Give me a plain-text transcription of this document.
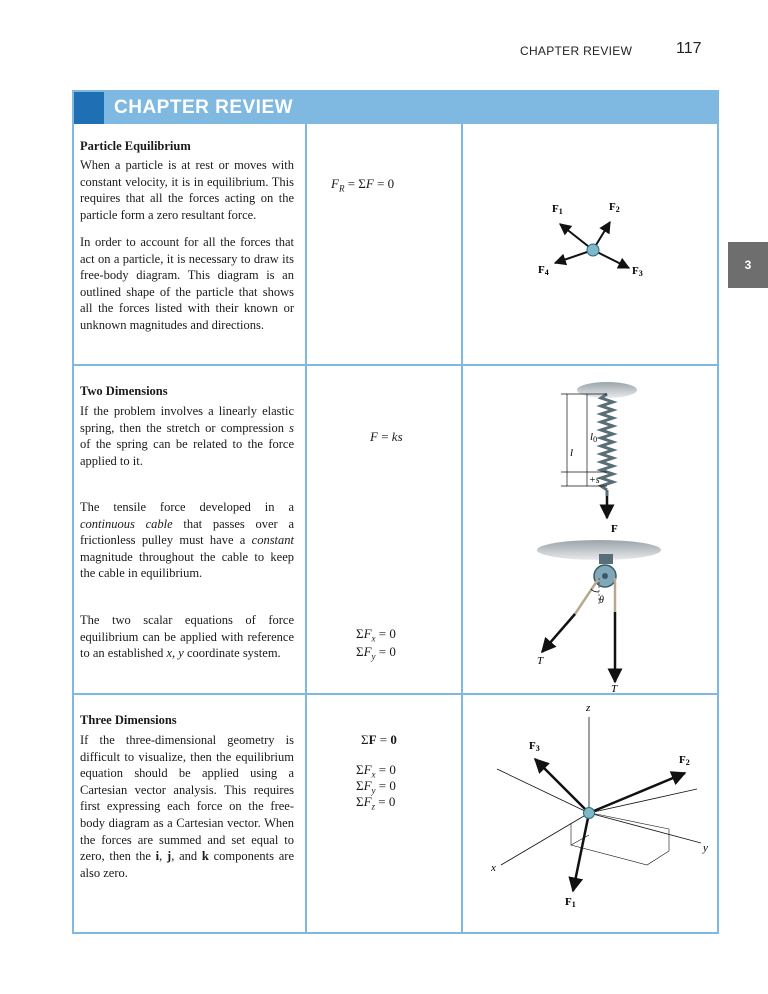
CHAPTER REVIEW	117
3
CHAPTER REVIEW
Particle Equilibrium
When a particle is at rest or moves with constant velocity, it is in equilibrium. This requires that all the forces acting on the particle form a zero resultant force.
In order to account for all the forces that act on a particle, it is necessary to draw its free-body diagram. This diagram is an outlined shape of the particle that shows all the forces listed with their known or unknown magnitudes and directions.
$F_R = \Sigma F = 0$
F1	F2
F3
F4
Two Dimensions
If the problem involves a linearly elastic spring, then the stretch or compression s of the spring can be related to the force applied to it.
The tensile force developed in a continuous cable that passes over a frictionless pulley must have a constant magnitude throughout the cable to keep the cable in equilibrium.
The two scalar equations of force equilibrium can be applied with reference to an established x, y coordinate system.
F = ks
$\Sigma F_x = 0$
$\Sigma F_y = 0$
l0
l
+s
F
θ
T
T
Three Dimensions
If the three-dimensional geometry is difficult to visualize, then the equilibrium equation should be applied using a Cartesian vector analysis. This requires first expressing each force on the free-body diagram as a Cartesian vector. When the forces are summed and set equal to zero, then the i, j, and k components are also zero.
ΣF = 0
$\Sigma F_x = 0$
$\Sigma F_y = 0$
$\Sigma F_z = 0$
z
y
x
F3
F2
F1
